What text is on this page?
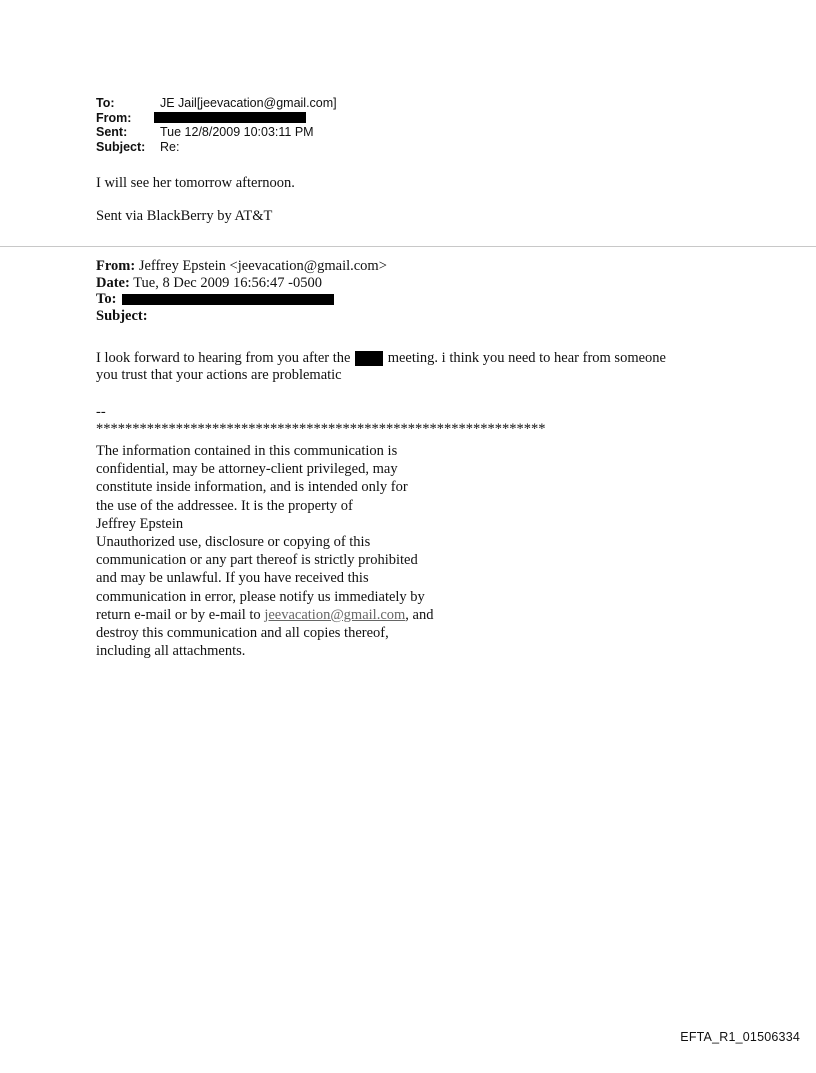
To:	JE Jail[jeevacation@gmail.com]
From:
Sent:	Tue 12/8/2009 10:03:11 PM
Subject:	Re:
I will see her tomorrow afternoon.
Sent via BlackBerry by AT&T
From: Jeffrey Epstein <jeevacation@gmail.com>
Date: Tue, 8 Dec 2009 16:56:47 -0500
To:
Subject:
I look forward to hearing from you after the	meeting. i think you need to hear from someone
you trust that your actions are problematic
--
**************************************************************
The information contained in this communication is
confidential, may be attorney-client privileged, may
constitute inside information, and is intended only for
the use of the addressee. It is the property of
Jeffrey Epstein
Unauthorized use, disclosure or copying of this
communication or any part thereof is strictly prohibited
and may be unlawful. If you have received this
communication in error, please notify us immediately by
return e-mail or by e-mail to jeevacation@gmail.com, and
destroy this communication and all copies thereof,
including all attachments.
EFTA_R1_01506334
